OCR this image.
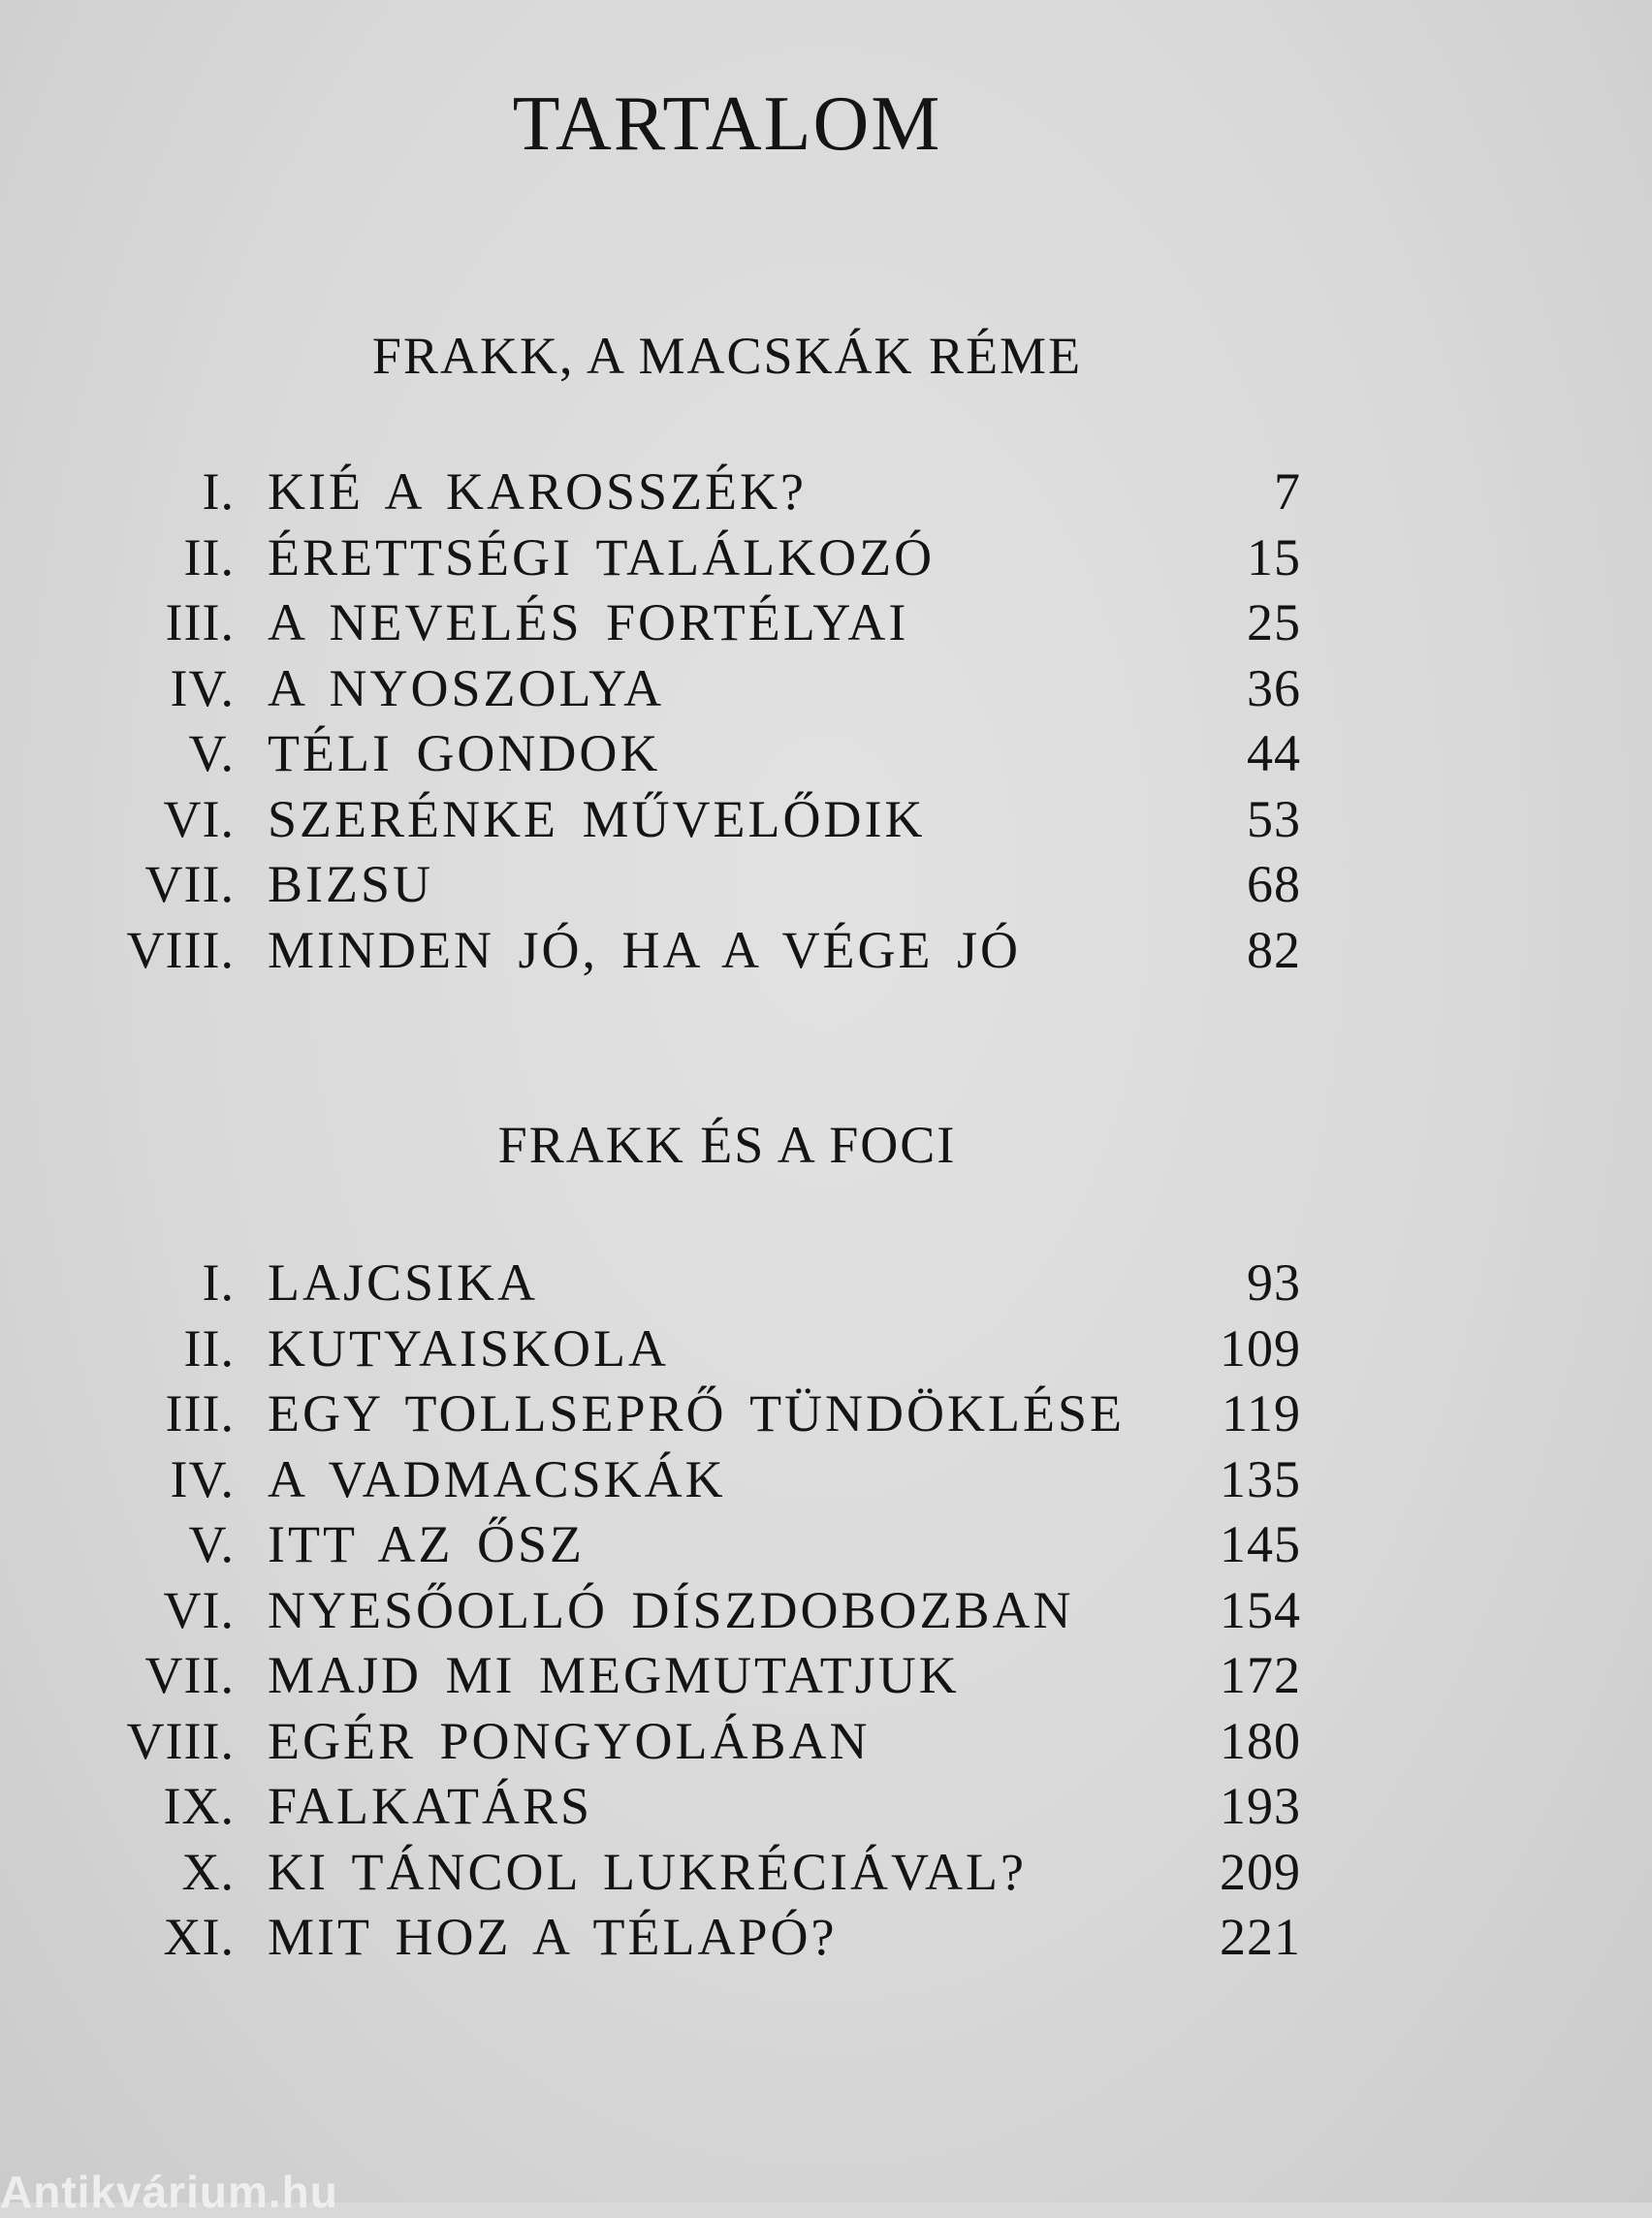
TARTALOM
FRAKK, A MACSKÁK RÉME
I. KIÉ A KAROSSZÉK?	7
II. ÉRETTSÉGI TALÁLKOZÓ	15
III. A NEVELÉS FORTÉLYAI	25
IV. A NYOSZOLYA	36
V. TÉLI GONDOK	44
VI. SZERÉNKE MŰVELŐDIK	53
VII. BIZSU	68
VIII. MINDEN JÓ, HA A VÉGE JÓ	82
FRAKK ÉS A FOCI
I. LAJCSIKA	93
II. KUTYAISKOLA	109
III. EGY TOLLSEPRŐ TÜNDÖKLÉSE 119
IV. A VADMACSKÁK	135
V. ITT AZ ŐSZ	145
VI. NYESŐOLLÓ DÍSZDOBOZBAN	154
VII. MAJD MI MEGMUTATJUK	172
VIII. EGÉR PONGYOLÁBAN	180
IX. FALKATÁRS	193
X. KI TÁNCOL LUKRÉCIÁVAL?	209
XI. MIT HOZ A TÉLAPÓ?	221
Antikvárium.hu
